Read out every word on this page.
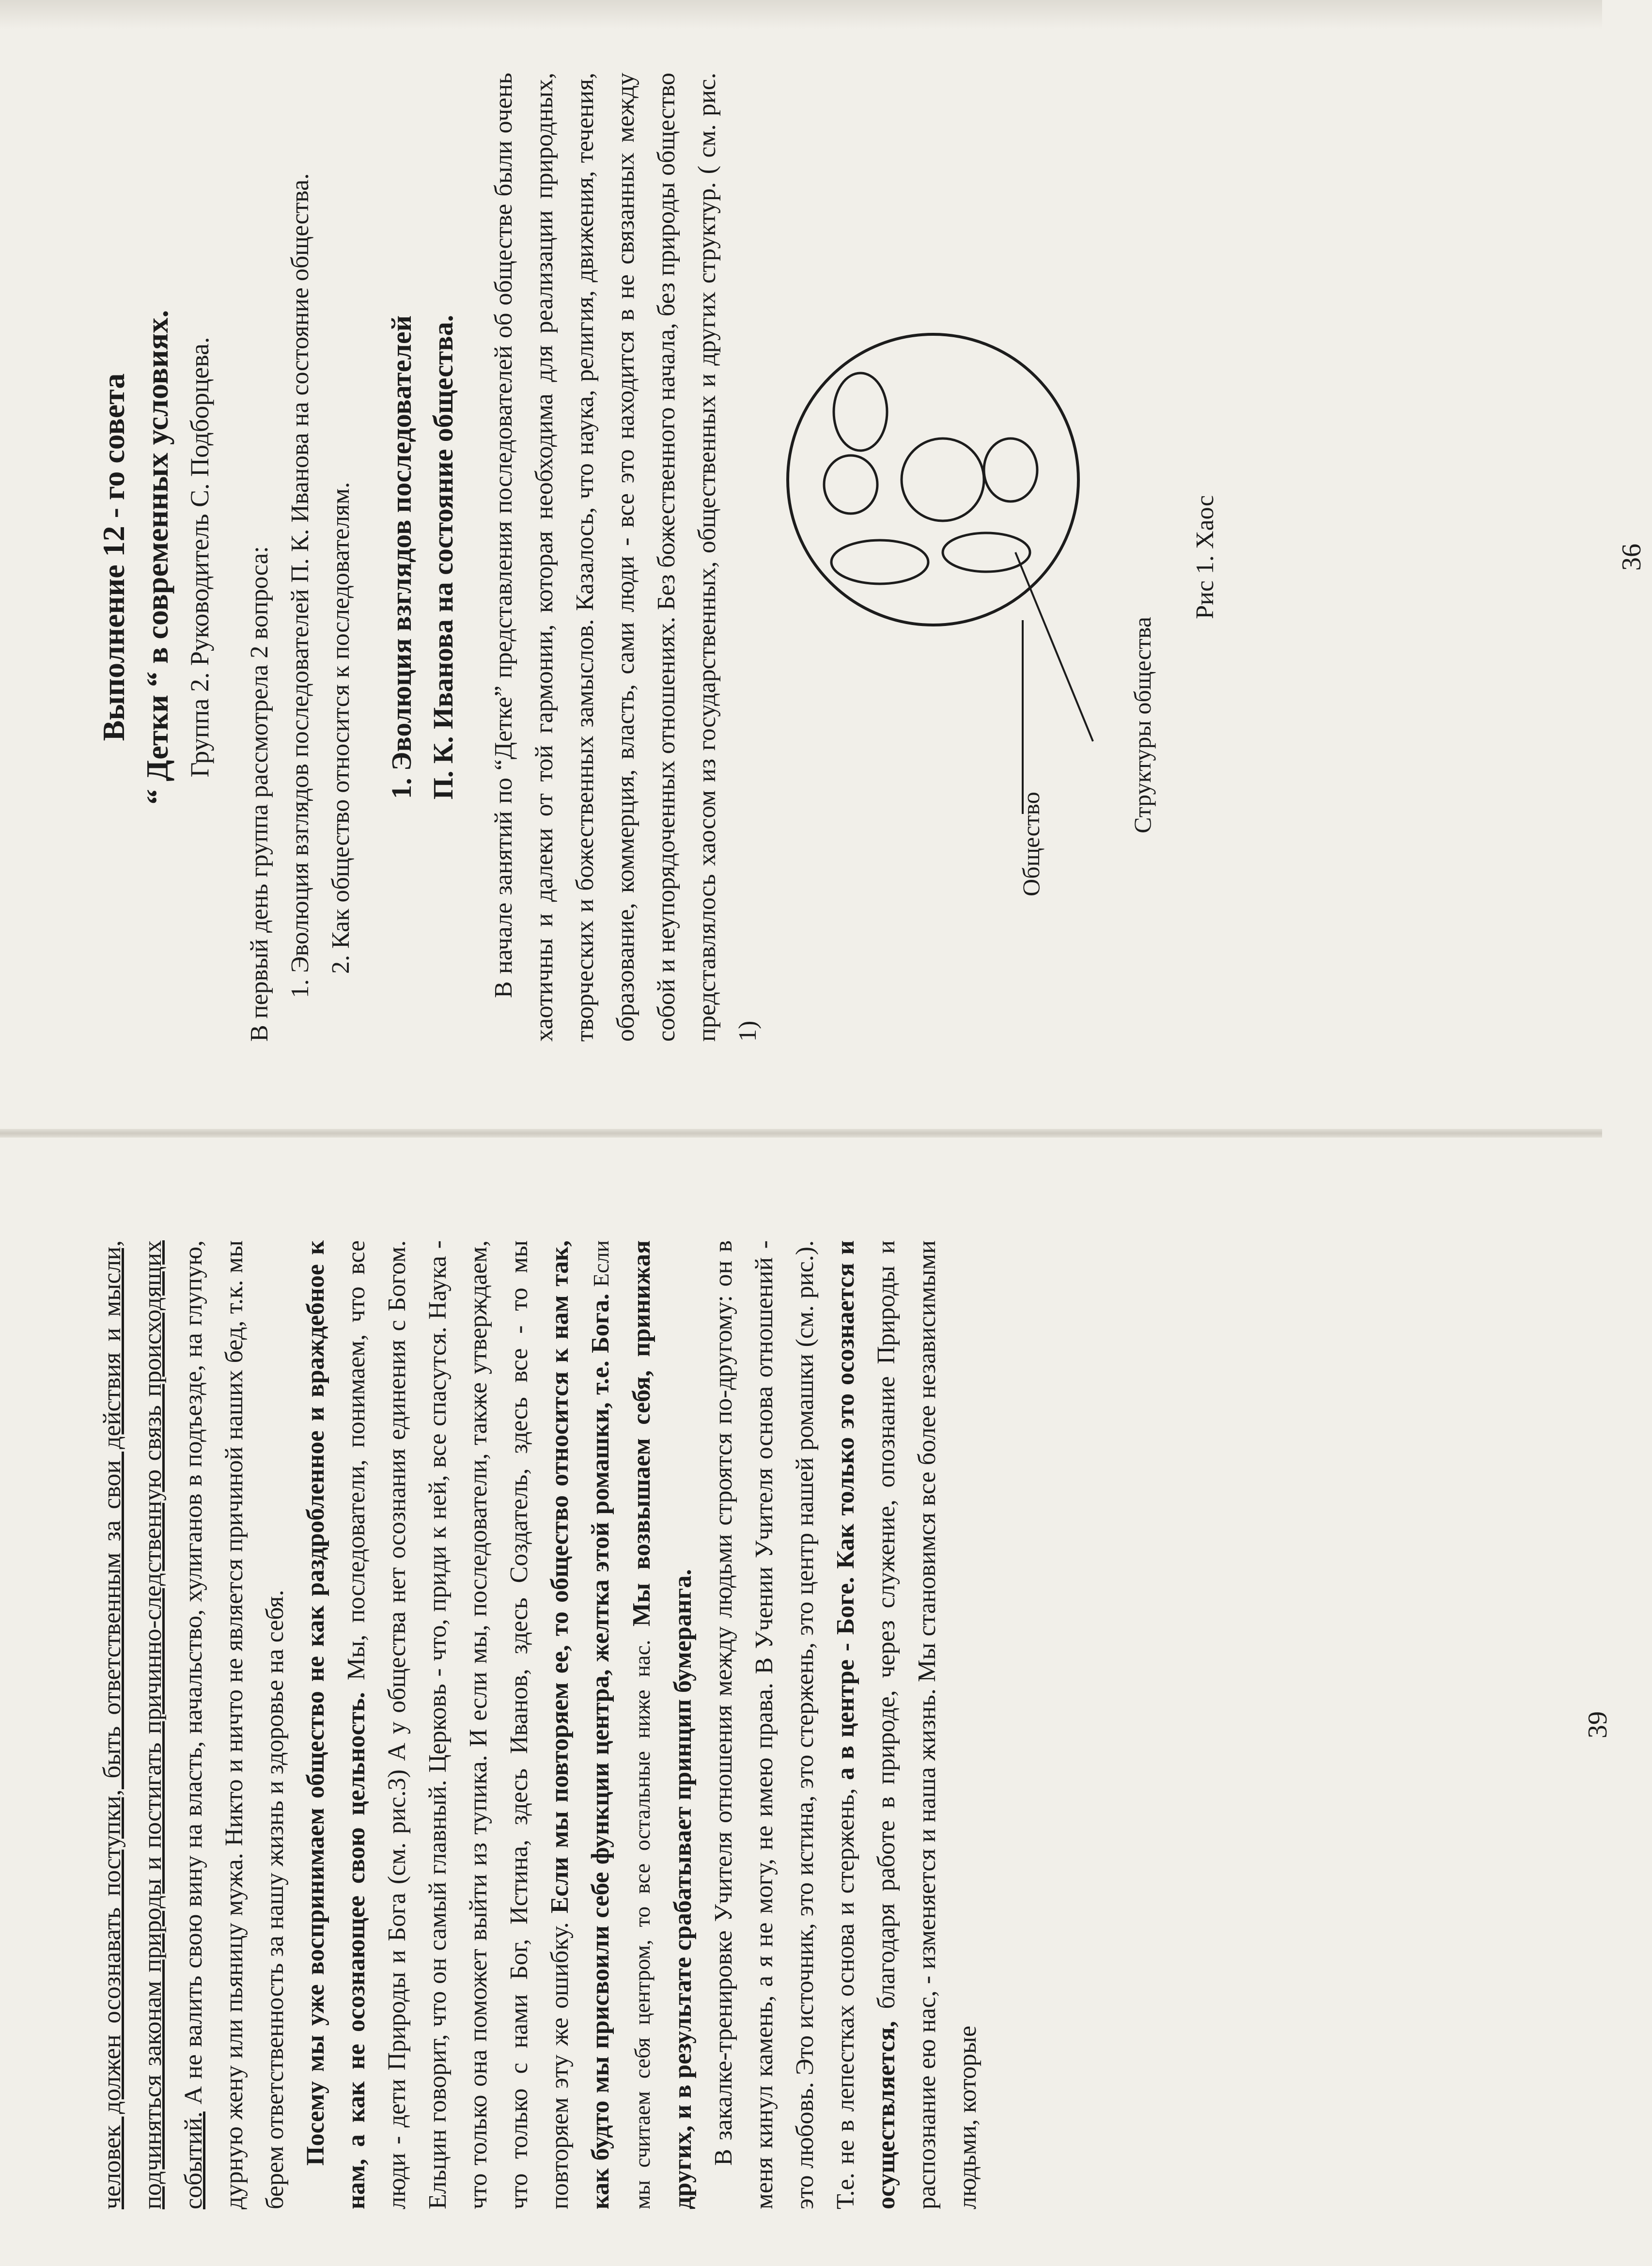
Выполнение 12 - го совета “ Детки “ в современных условиях. Группа 2. Руководитель С. Подборцева. В первый день группа рассмотрела 2 вопроса: 1. Эволюция взглядов последователей П. К. Иванова на состояние общества. 2. Как общество относится к последователям. 1. Эволюция взглядов последователей П. К. Иванова на состояние общества. В начале занятий по “Детке” представления последователей об обществе были очень хаотичны и далеки от той гармонии, которая необходима для реализации природных, творческих и божественных замыслов. Казалось, что наука, религия, движения, течения, образование, коммерция, власть, сами люди - все это находится в не связанных между собой и неупорядоченных отношениях. Без божественного начала, без природы общество представлялось хаосом из государственных, общественных и других структур. ( см. рис. 1)

Общество
Структуры общества
Рис 1. Хаос	36

человек должен осознавать поступки, быть ответственным за свои действия и мысли, подчиняться законам природы и постигать причинно-следственную связь происходящих событий. А не валить свою вину на власть, начальство, хулиганов в подъезде, на глупую, дурную жену или пьяницу мужа. Никто и ничто не является причиной наших бед, т.к. мы берем ответственность за нашу жизнь и здоровье на себя. Посему мы уже воспринимаем общество не как раздробленное и враждебное к нам, а как не осознающее свою цельность. Мы, последователи, понимаем, что все люди - дети Природы и Бога (см. рис.3) А у общества нет осознания единения с Богом. Ельцин говорит, что он самый главный. Церковь - что, приди к ней, все спасутся. Наука - что только она поможет выйти из тупика. И если мы, последователи, также утверждаем, что только с нами Бог, Истина, здесь Иванов, здесь Создатель, здесь все - то мы повторяем эту же ошибку. Если мы повторяем ее, то общество относится к нам так, как будто мы присвоили себе функции центра, желтка этой ромашки, т.е. Бога. Если мы считаем себя центром, то все остальные ниже нас. Мы возвышаем себя, принижая других, и в результате срабатывает принцип бумеранга. В закалке-тренировке Учителя отношения между людьми строятся по-другому: он в меня кинул камень, а я не могу, не имею права. В Учении Учителя основа отношений - это любовь. Это источник, это истина, это стержень, это центр нашей ромашки (см. рис.). Т.е. не в лепестках основа и стержень, а в центре - Боге. Как только это осознается и осуществляется, благодаря работе в природе, через служение, опознание Природы и распознание ею нас, - изменяется и наша жизнь. Мы становимся все более независимыми людьми, которые

39
